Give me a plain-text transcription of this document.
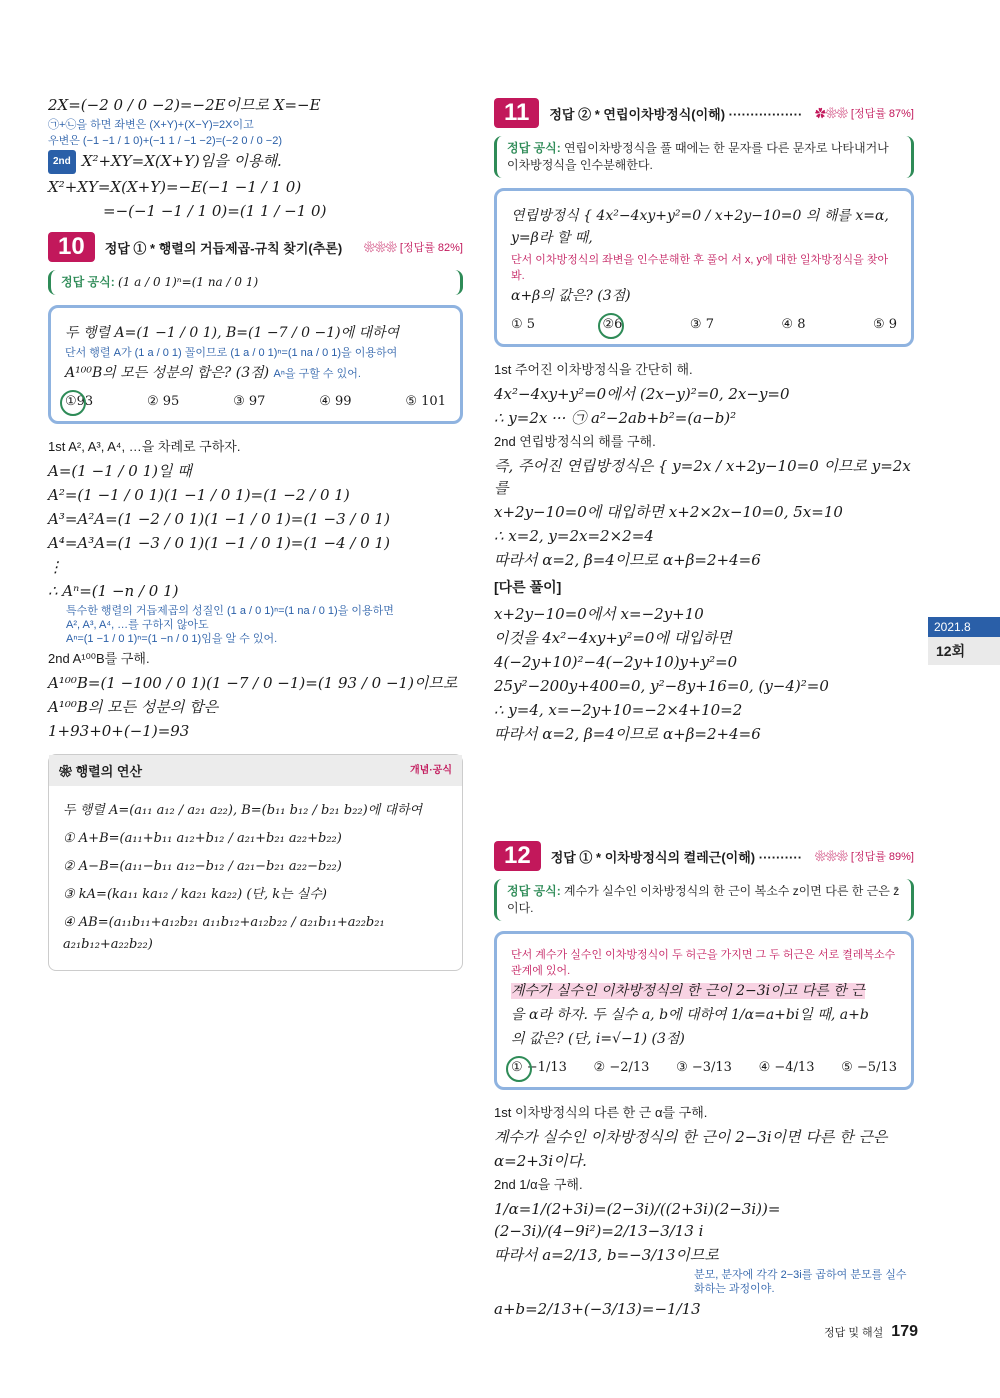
2X=(−2 0 / 0 −2)=−2E이므로 X=−E
㉠+㉡을 하면 좌변은 (X+Y)+(X−Y)=2X이고
우변은 (−1 −1 / 1 0)+(−1 1 / −1 −2)=(−2 0 / 0 −2)
2nd X²+XY=X(X+Y)임을 이용해.
X²+XY=X(X+Y)=−E(−1 −1 / 1 0)
=−(−1 −1 / 1 0)=(1 1 / −1 0)
10	정답 ① * 행렬의 거듭제곱-규칙 찾기(추론)	❀❀❀ [정답률 82%]
정답 공식: (1 a / 0 1)ⁿ=(1 na / 0 1)
두 행렬 A=(1 −1 / 0 1), B=(1 −7 / 0 −1)에 대하여
단서 행렬 A가 (1 a / 0 1) 꼴이므로 (1 a / 0 1)ⁿ=(1 na / 0 1)을 이용하여
A¹⁰⁰B의 모든 성분의 합은? (3점) Aⁿ을 구할 수 있어.
①93	② 95	③ 97	④ 99	⑤ 101
1st A², A³, A⁴, …을 차례로 구하자.
A=(1 −1 / 0 1)일 때
A²=(1 −1 / 0 1)(1 −1 / 0 1)=(1 −2 / 0 1)
A³=A²A=(1 −2 / 0 1)(1 −1 / 0 1)=(1 −3 / 0 1)
A⁴=A³A=(1 −3 / 0 1)(1 −1 / 0 1)=(1 −4 / 0 1)
⋮
∴ Aⁿ=(1 −n / 0 1)
특수한 행렬의 거듭제곱의 성질인 (1 a / 0 1)ⁿ=(1 na / 0 1)을 이용하면
A², A³, A⁴, …를 구하지 않아도
Aⁿ=(1 −1 / 0 1)ⁿ=(1 −n / 0 1)임을 알 수 있어.
2nd A¹⁰⁰B를 구해.
A¹⁰⁰B=(1 −100 / 0 1)(1 −7 / 0 −1)=(1 93 / 0 −1)이므로
A¹⁰⁰B의 모든 성분의 합은
1+93+0+(−1)=93
❀ 행렬의 연산	개념·공식
두 행렬 A=(a₁₁ a₁₂ / a₂₁ a₂₂), B=(b₁₁ b₁₂ / b₂₁ b₂₂)에 대하여
① A+B=(a₁₁+b₁₁ a₁₂+b₁₂ / a₂₁+b₂₁ a₂₂+b₂₂)
② A−B=(a₁₁−b₁₁ a₁₂−b₁₂ / a₂₁−b₂₁ a₂₂−b₂₂)
③ kA=(ka₁₁ ka₁₂ / ka₂₁ ka₂₂) (단, k는 실수)
④ AB=(a₁₁b₁₁+a₁₂b₂₁ a₁₁b₁₂+a₁₂b₂₂ / a₂₁b₁₁+a₂₂b₂₁ a₂₁b₁₂+a₂₂b₂₂)
11	정답 ② * 연립이차방정식(이해) ·················	✿❀❀ [정답률 87%]
정답 공식: 연립이차방정식을 풀 때에는 한 문자를 다른 문자로 나타내거나 이차방정식을 인수분해한다.
연립방정식 { 4x²−4xy+y²=0 / x+2y−10=0 의 해를 x=α, y=β라 할 때,
단서 이차방정식의 좌변을 인수분해한 후 풀어 서 x, y에 대한 일차방정식을 찾아 봐.
α+β의 값은? (3점)
① 5	②6	③ 7	④ 8	⑤ 9
1st 주어진 이차방정식을 간단히 해.
4x²−4xy+y²=0에서 (2x−y)²=0, 2x−y=0
∴ y=2x ··· ㉠ a²−2ab+b²=(a−b)²
2nd 연립방정식의 해를 구해.
즉, 주어진 연립방정식은 { y=2x / x+2y−10=0 이므로 y=2x를
x+2y−10=0에 대입하면 x+2×2x−10=0, 5x=10
∴ x=2, y=2x=2×2=4
따라서 α=2, β=4이므로 α+β=2+4=6
[다른 풀이]
x+2y−10=0에서 x=−2y+10
이것을 4x²−4xy+y²=0에 대입하면
4(−2y+10)²−4(−2y+10)y+y²=0
25y²−200y+400=0, y²−8y+16=0, (y−4)²=0
∴ y=4, x=−2y+10=−2×4+10=2
따라서 α=2, β=4이므로 α+β=2+4=6
12	정답 ① * 이차방정식의 켤레근(이해) ··········	❀❀❀ [정답률 89%]
정답 공식: 계수가 실수인 이차방정식의 한 근이 복소수 z이면 다른 한 근은 z̄ 이다.
단서 계수가 실수인 이차방정식이 두 허근을 가지면 그 두 허근은 서로 켤레복소수 관계에 있어.
계수가 실수인 이차방정식의 한 근이 2−3i이고 다른 한 근
을 α라 하자. 두 실수 a, b에 대하여 1/α=a+bi일 때, a+b
의 값은? (단, i=√−1) (3점)
① −1/13 ② −2/13 ③ −3/13 ④ −4/13 ⑤ −5/13
1st 이차방정식의 다른 한 근 α를 구해.
계수가 실수인 이차방정식의 한 근이 2−3i이면 다른 한 근은
α=2+3i이다.
2nd 1/α을 구해.
1/α=1/(2+3i)=(2−3i)/((2+3i)(2−3i))=(2−3i)/(4−9i²)=2/13−3/13 i
따라서 a=2/13, b=−3/13이므로
분모, 분자에 각각 2−3i를 곱하여 분모를 실수화하는 과정이야.
a+b=2/13+(−3/13)=−1/13
2021.8
12회
정답 및 해설 179
